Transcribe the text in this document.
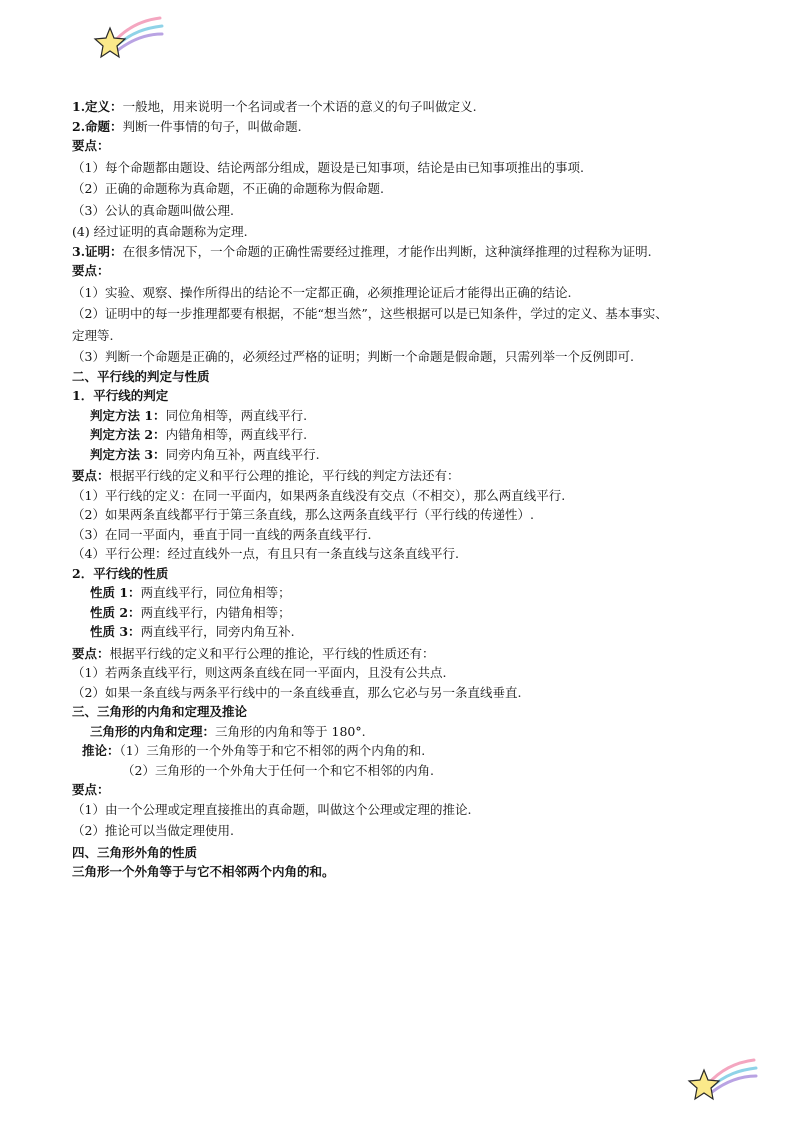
1.定义：一般地，用来说明一个名词或者一个术语的意义的句子叫做定义.
2.命题：判断一件事情的句子，叫做命题.
要点：
（1）每个命题都由题设、结论两部分组成，题设是已知事项，结论是由已知事项推出的事项.
（2）正确的命题称为真命题，不正确的命题称为假命题.
（3）公认的真命题叫做公理.
(4) 经过证明的真命题称为定理.
3.证明：在很多情况下，一个命题的正确性需要经过推理，才能作出判断，这种演绎推理的过程称为证明.
要点：
（1）实验、观察、操作所得出的结论不一定都正确，必须推理论证后才能得出正确的结论.
（2）证明中的每一步推理都要有根据，不能“想当然”，这些根据可以是已知条件，学过的定义、基本事实、
定理等.
（3）判断一个命题是正确的，必须经过严格的证明；判断一个命题是假命题，只需列举一个反例即可.
二、平行线的判定与性质
1．平行线的判定
判定方法 1：同位角相等，两直线平行.
判定方法 2：内错角相等，两直线平行.
判定方法 3：同旁内角互补，两直线平行.
要点：根据平行线的定义和平行公理的推论，平行线的判定方法还有：
（1）平行线的定义：在同一平面内，如果两条直线没有交点（不相交），那么两直线平行.
（2）如果两条直线都平行于第三条直线，那么这两条直线平行（平行线的传递性）.
（3）在同一平面内，垂直于同一直线的两条直线平行.
（4）平行公理：经过直线外一点，有且只有一条直线与这条直线平行.
2．平行线的性质
性质 1：两直线平行，同位角相等；
性质 2：两直线平行，内错角相等；
性质 3：两直线平行，同旁内角互补.
要点：根据平行线的定义和平行公理的推论，平行线的性质还有：
（1）若两条直线平行，则这两条直线在同一平面内，且没有公共点.
（2）如果一条直线与两条平行线中的一条直线垂直，那么它必与另一条直线垂直.
三、三角形的内角和定理及推论
三角形的内角和定理：三角形的内角和等于 180°.
推论：（1）三角形的一个外角等于和它不相邻的两个内角的和.
（2）三角形的一个外角大于任何一个和它不相邻的内角.
要点：
（1）由一个公理或定理直接推出的真命题，叫做这个公理或定理的推论.
（2）推论可以当做定理使用.
四、三角形外角的性质
三角形一个外角等于与它不相邻两个内角的和。
